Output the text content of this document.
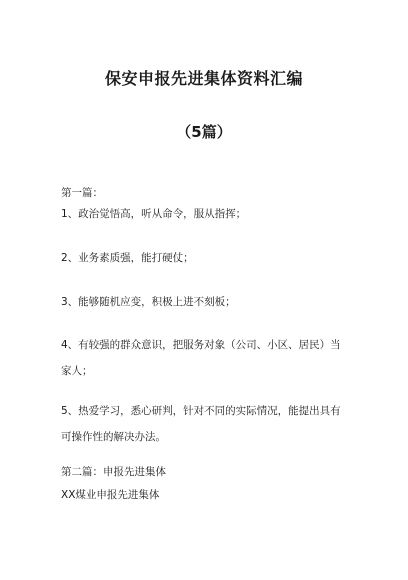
保安申报先进集体资料汇编
（5篇）
第一篇：
1、政治觉悟高，听从命令，服从指挥；
2、业务素质强，能打硬仗；
3、能够随机应变，积极上进不刻板；
4、有较强的群众意识，把服务对象（公司、小区、居民）当家人；
5、热爱学习，悉心研判，针对不同的实际情况，能提出具有可操作性的解决办法。
第二篇：申报先进集体
XX煤业申报先进集体
